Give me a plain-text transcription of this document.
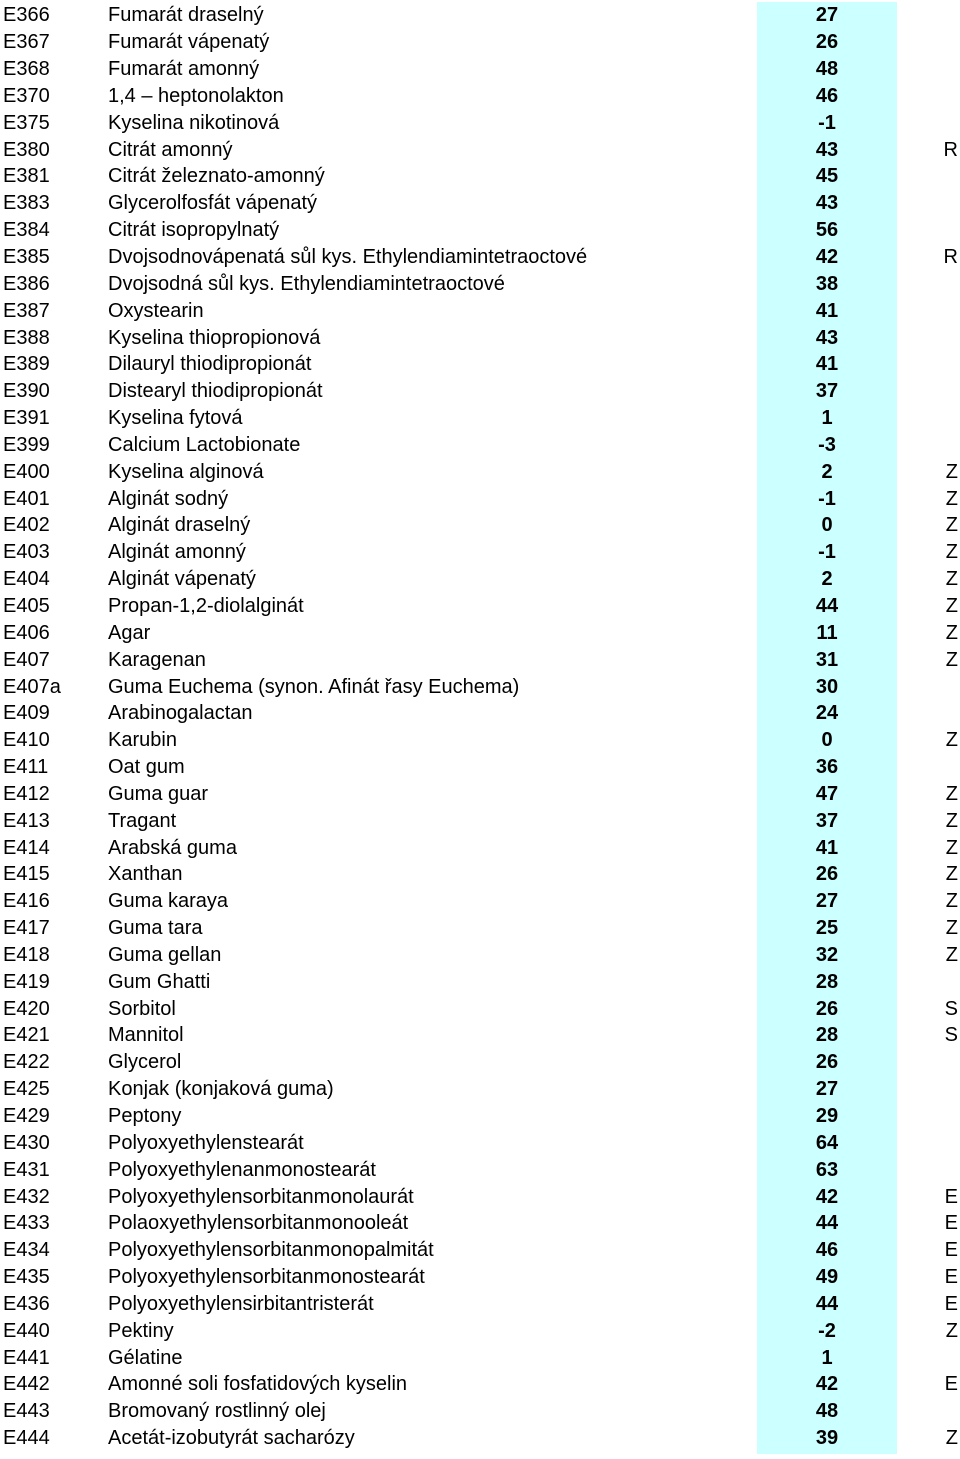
E366	Fumarát draselný	27	
E367	Fumarát vápenatý	26	
E368	Fumarát amonný	48	
E370	1,4 – heptonolakton	46	
E375	Kyselina nikotinová	-1	
E380	Citrát amonný	43	R
E381	Citrát železnato-amonný	45	
E383	Glycerolfosfát vápenatý	43	
E384	Citrát isopropylnatý	56	
E385	Dvojsodnovápenatá sůl kys. Ethylendiamintetraoctové	42	R
E386	Dvojsodná sůl kys. Ethylendiamintetraoctové	38	
E387	Oxystearin	41	
E388	Kyselina thiopropionová	43	
E389	Dilauryl thiodipropionát	41	
E390	Distearyl thiodipropionát	37	
E391	Kyselina fytová	1	
E399	Calcium Lactobionate	-3	
E400	Kyselina alginová	2	Z
E401	Alginát sodný	-1	Z
E402	Alginát draselný	0	Z
E403	Alginát amonný	-1	Z
E404	Alginát vápenatý	2	Z
E405	Propan-1,2-diolalginát	44	Z
E406	Agar	11	Z
E407	Karagenan	31	Z
E407a	Guma Euchema (synon. Afinát řasy Euchema)	30	
E409	Arabinogalactan	24	
E410	Karubin	0	Z
E411	Oat gum	36	
E412	Guma guar	47	Z
E413	Tragant	37	Z
E414	Arabská guma	41	Z
E415	Xanthan	26	Z
E416	Guma karaya	27	Z
E417	Guma tara	25	Z
E418	Guma gellan	32	Z
E419	Gum Ghatti	28	
E420	Sorbitol	26	S
E421	Mannitol	28	S
E422	Glycerol	26	
E425	Konjak (konjaková guma)	27	
E429	Peptony	29	
E430	Polyoxyethylenstearát	64	
E431	Polyoxyethylenanmonostearát	63	
E432	Polyoxyethylensorbitanmonolaurát	42	E
E433	Polaoxyethylensorbitanmonooleát	44	E
E434	Polyoxyethylensorbitanmonopalmitát	46	E
E435	Polyoxyethylensorbitanmonostearát	49	E
E436	Polyoxyethylensirbitantristerát	44	E
E440	Pektiny	-2	Z
E441	Gélatine	1	
E442	Amonné soli fosfatidových kyselin	42	E
E443	Bromovaný rostlinný olej	48	
E444	Acetát-izobutyrát sacharózy	39	Z
